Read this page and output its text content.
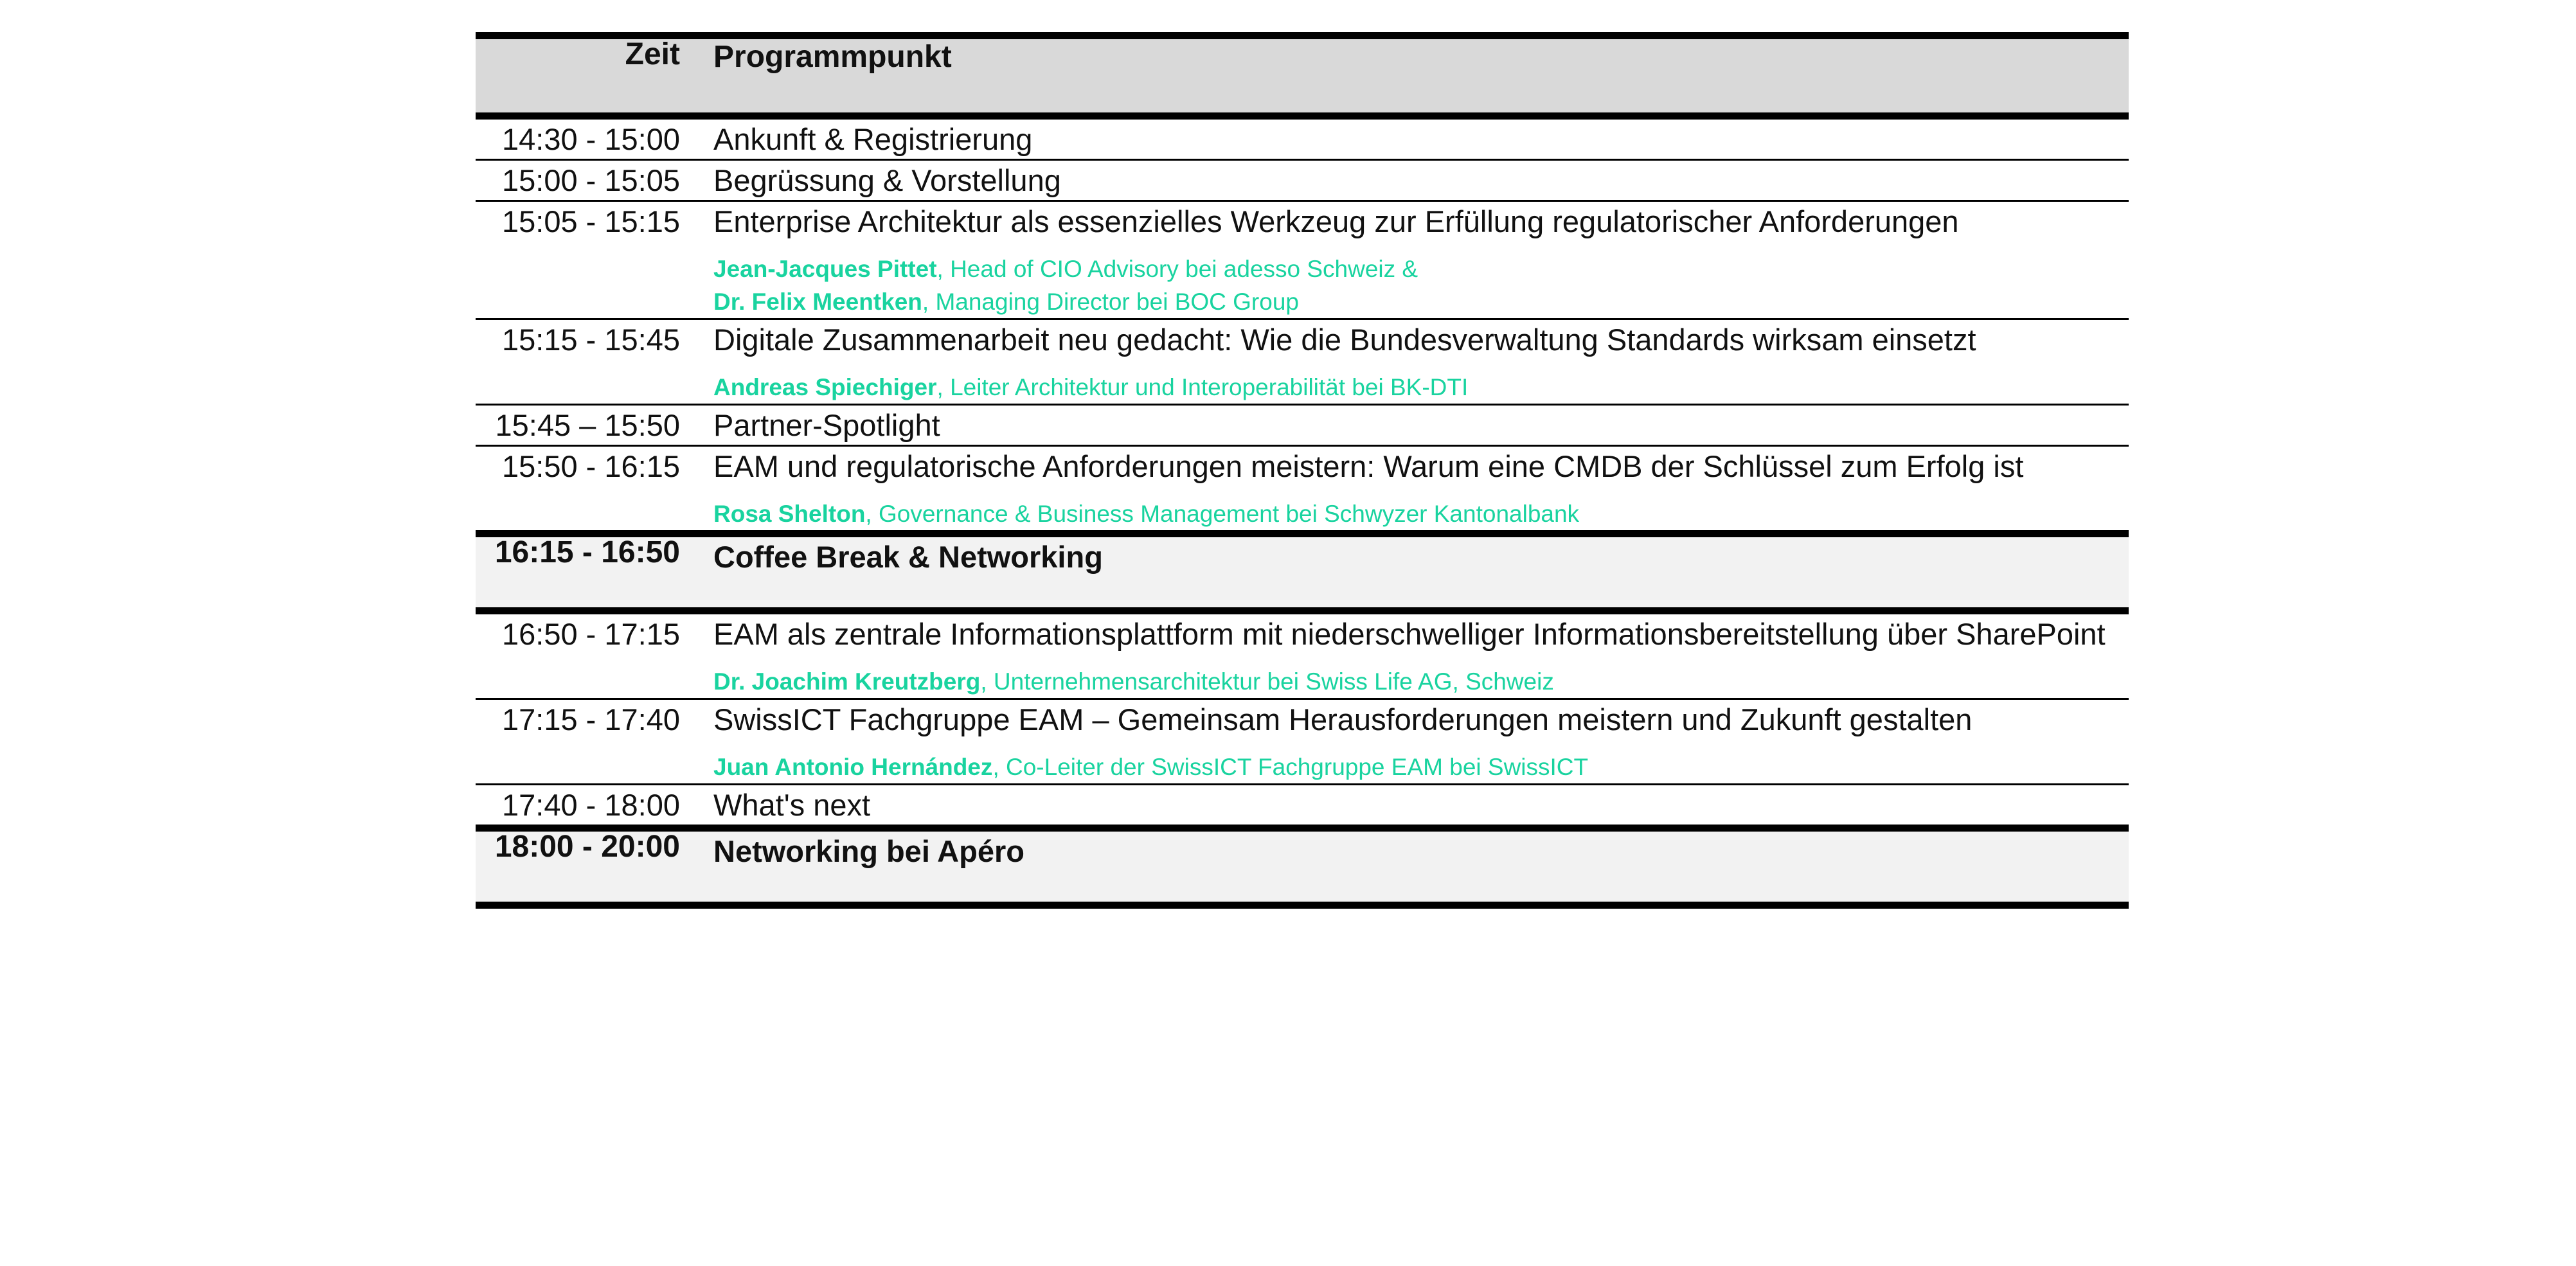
Zeit	Programmpunkt
14:30 - 15:00	Ankunft & Registrierung

15:00 - 15:05	Begrüssung & Vorstellung

15:05 - 15:15	Enterprise Architektur als essenzielles Werkzeug zur Erfüllung regulatorischer Anforderungen
Jean-Jacques Pittet, Head of CIO Advisory bei adesso Schweiz &
Dr. Felix Meentken, Managing Director bei BOC Group

15:15 - 15:45	Digitale Zusammenarbeit neu gedacht: Wie die Bundesverwaltung Standards wirksam einsetzt
Andreas Spiechiger, Leiter Architektur und Interoperabilität bei BK-DTI

15:45 – 15:50	Partner-Spotlight

15:50 - 16:15	EAM und regulatorische Anforderungen meistern: Warum eine CMDB der Schlüssel zum Erfolg ist
Rosa Shelton, Governance & Business Management bei Schwyzer Kantonalbank

16:15 - 16:50	Coffee Break & Networking

16:50 - 17:15	EAM als zentrale Informationsplattform mit niederschwelliger Informationsbereitstellung über SharePoint
Dr. Joachim Kreutzberg, Unternehmensarchitektur bei Swiss Life AG, Schweiz

17:15 - 17:40	SwissICT Fachgruppe EAM – Gemeinsam Herausforderungen meistern und Zukunft gestalten
Juan Antonio Hernández, Co-Leiter der SwissICT Fachgruppe EAM bei SwissICT

17:40 - 18:00	What's next

18:00 - 20:00	Networking bei Apéro
